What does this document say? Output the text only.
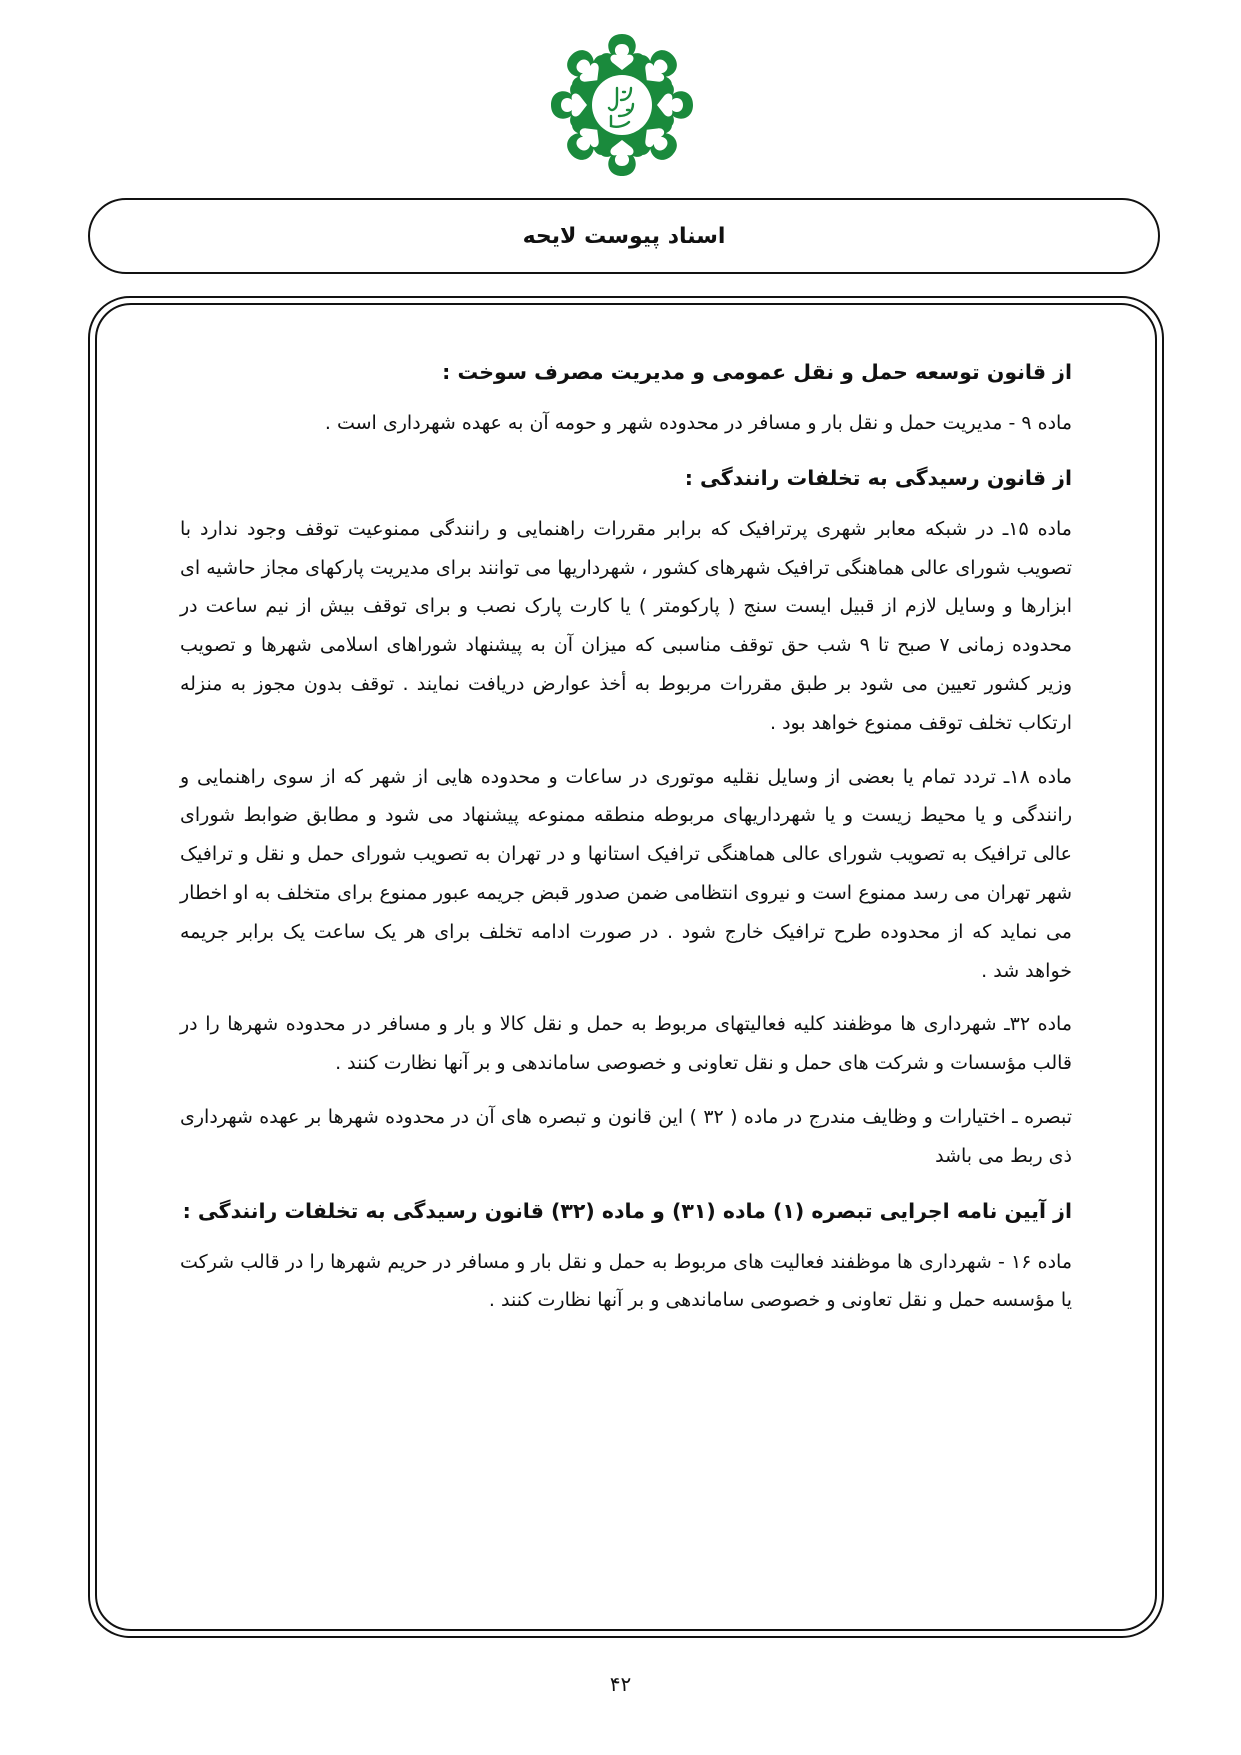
اسناد پیوست لایحه

از قانون توسعه حمل و نقل عمومی و مدیریت مصرف سوخت :

ماده ۹ - مدیریت حمل و نقل بار و مسافر در محدوده شهر و حومه آن به عهده شهرداری است .

از قانون رسیدگی به تخلفات رانندگی :

ماده ۱۵ـ در شبکه معابر شهری پرترافیک که برابر مقررات راهنمایی و رانندگی ممنوعیت توقف وجود ندارد با تصویب شورای عالی هماهنگی ترافیک شهرهای کشور ، شهرداریها می توانند برای مدیریت پارکهای مجاز حاشیه ای ابزارها و وسایل لازم از قبیل ایست سنج ( پارکومتر ) یا کارت پارک نصب و برای توقف بیش از نیم ساعت در محدوده زمانی ۷ صبح تا ۹ شب حق توقف مناسبی که میزان آن به پیشنهاد شوراهای اسلامی شهرها و تصویب وزیر کشور تعیین می شود بر طبق مقررات مربوط به أخذ عوارض دریافت نمایند . توقف بدون مجوز به منزله ارتکاب تخلف توقف ممنوع خواهد بود .

ماده ۱۸ـ تردد تمام یا بعضی از وسایل نقلیه موتوری در ساعات و محدوده هایی از شهر که از سوی راهنمایی و رانندگی و یا محیط زیست و یا شهرداریهای مربوطه منطقه ممنوعه پیشنهاد می شود و مطابق ضوابط شورای عالی ترافیک به تصویب شورای عالی هماهنگی ترافیک استانها و در تهران به تصویب شورای حمل و نقل و ترافیک شهر تهران می رسد ممنوع است و نیروی انتظامی ضمن صدور قبض جریمه عبور ممنوع برای متخلف به او اخطار می نماید که از محدوده طرح ترافیک خارج شود . در صورت ادامه تخلف برای هر یک ساعت یک برابر جریمه خواهد شد .

ماده ۳۲ـ شهرداری ها موظفند کلیه فعالیتهای مربوط به حمل و نقل کالا و بار و مسافر در محدوده شهرها را در قالب مؤسسات و شرکت های حمل و نقل تعاونی و خصوصی ساماندهی و بر آنها نظارت کنند .

تبصره ـ اختیارات و وظایف مندرج در ماده ( ۳۲ ) این قانون و تبصره های آن در محدوده شهرها بر عهده شهرداری ذی ربط می باشد

از آیین نامه اجرایی تبصره (۱) ماده (۳۱) و ماده (۳۲) قانون رسیدگی به تخلفات رانندگی :

ماده ۱۶ - شهرداری ها موظفند فعالیت های مربوط به حمل و نقل بار و مسافر در حریم شهرها را در قالب شرکت یا مؤسسه حمل و نقل تعاونی و خصوصی ساماندهی و بر آنها نظارت کنند .

۴۲
